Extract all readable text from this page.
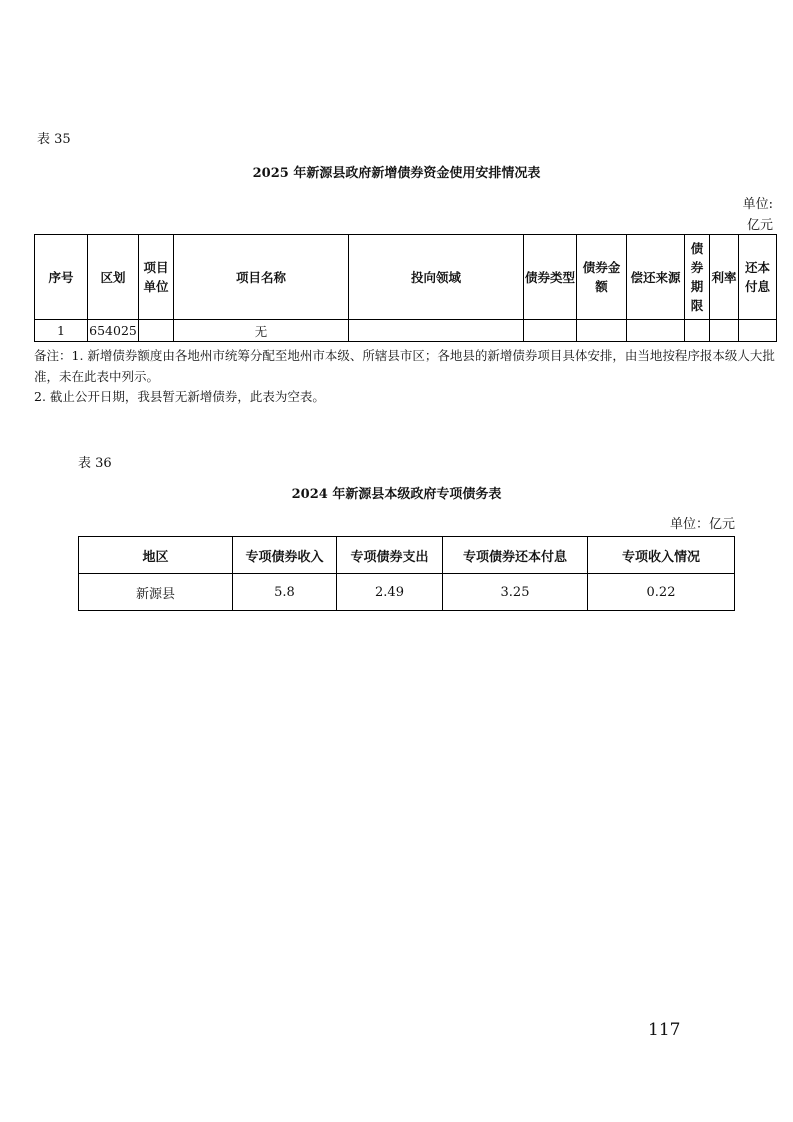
表 35
2025 年新源县政府新增债券资金使用安排情况表
单位:
亿元
序号	区划	项目单位	项目名称	投向领域	债券类型	债券金额	偿还来源	债券期限	利率	还本付息
1	654025		无							
备注：1. 新增债券额度由各地州市统筹分配至地州市本级、所辖县市区；各地县的新增债券项目具体安排，由当地按程序报本级人大批准，未在此表中列示。
2. 截止公开日期，我县暂无新增债券，此表为空表。
表 36
2024 年新源县本级政府专项债务表
单位：亿元
地区	专项债券收入	专项债券支出	专项债券还本付息	专项收入情况
新源县	5.8	2.49	3.25	0.22
117
